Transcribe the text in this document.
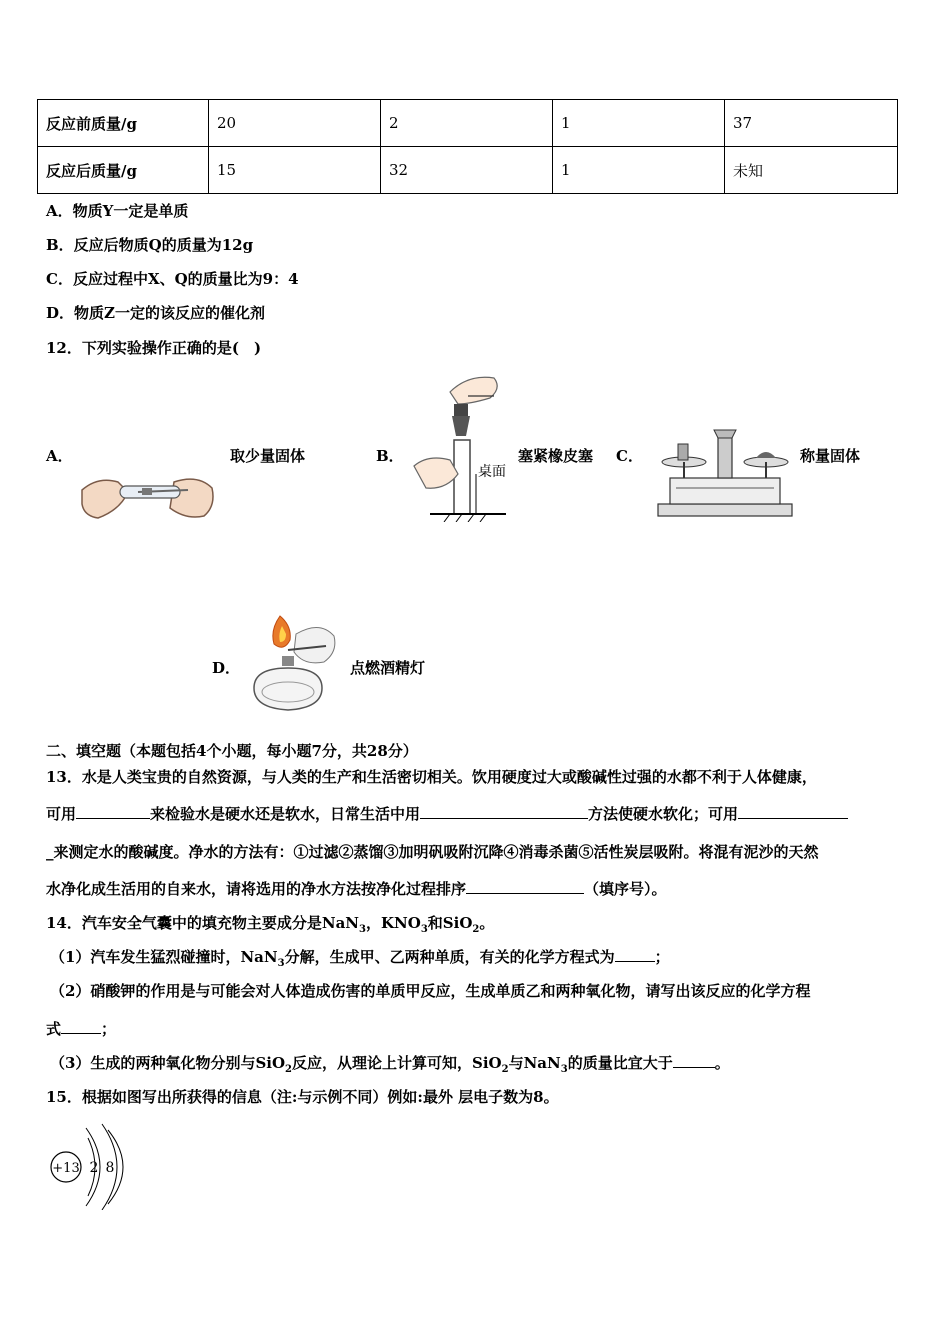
反应前质量/g	20	2	1	37
反应后质量/g	15	32	1	未知
A．物质Y一定是单质
B．反应后物质Q的质量为12g
C．反应过程中X、Q的质量比为9：4
D．物质Z一定的该反应的催化剂
12．下列实验操作正确的是(　)
A．	取少量固体	B．	塞紧橡皮塞
桌面
C．	称量固体
D．	点燃酒精灯
二、填空题（本题包括4个小题，每小题7分，共28分）
13．水是人类宝贵的自然资源，与人类的生产和生活密切相关。饮用硬度过大或酸碱性过强的水都不利于人体健康，
可用	来检验水是硬水还是软水，日常生活中用	方法使硬水软化；可用
_来测定水的酸碱度。净水的方法有：①过滤②蒸馏③加明矾吸附沉降④消毒杀菌⑤活性炭层吸附。将混有泥沙的天然
水净化成生活用的自来水，请将选用的净水方法按净化过程排序	（填序号）。
14．汽车安全气囊中的填充物主要成分是NaN$_3$，$KNO_3$和SiO$_2$。
（1）汽车发生猛烈碰撞时，NaN$_3$分解，生成甲、乙两种单质，有关的化学方程式为	；
（2）硝酸钾的作用是与可能会对人体造成伤害的单质甲反应，生成单质乙和两种氧化物，请写出该反应的化学方程
式	；
（3）生成的两种氧化物分别与SiO$_2$反应，从理论上计算可知，SiO$_2$与NaN$_3$的质量比宜大于	。
15．根据如图写出所获得的信息（注:与示例不同）例如:最外 层电子数为8。
+13 2 8
